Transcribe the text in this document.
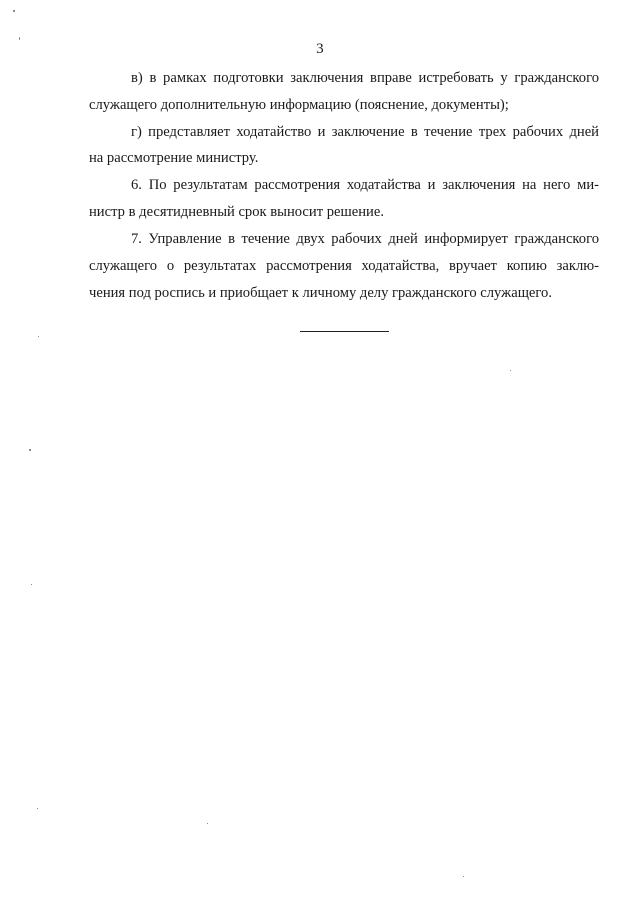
3
в) в рамках подготовки заключения вправе истребовать у гражданского
служащего дополнительную информацию (пояснение, документы);
г) представляет ходатайство и заключение в течение трех рабочих дней
на рассмотрение министру.
6. По результатам рассмотрения ходатайства и заключения на него ми-
нистр в десятидневный срок выносит решение.
7. Управление в течение двух рабочих дней информирует гражданского
служащего о результатах рассмотрения ходатайства, вручает копию заклю-
чения под роспись и приобщает к личному делу гражданского служащего.
